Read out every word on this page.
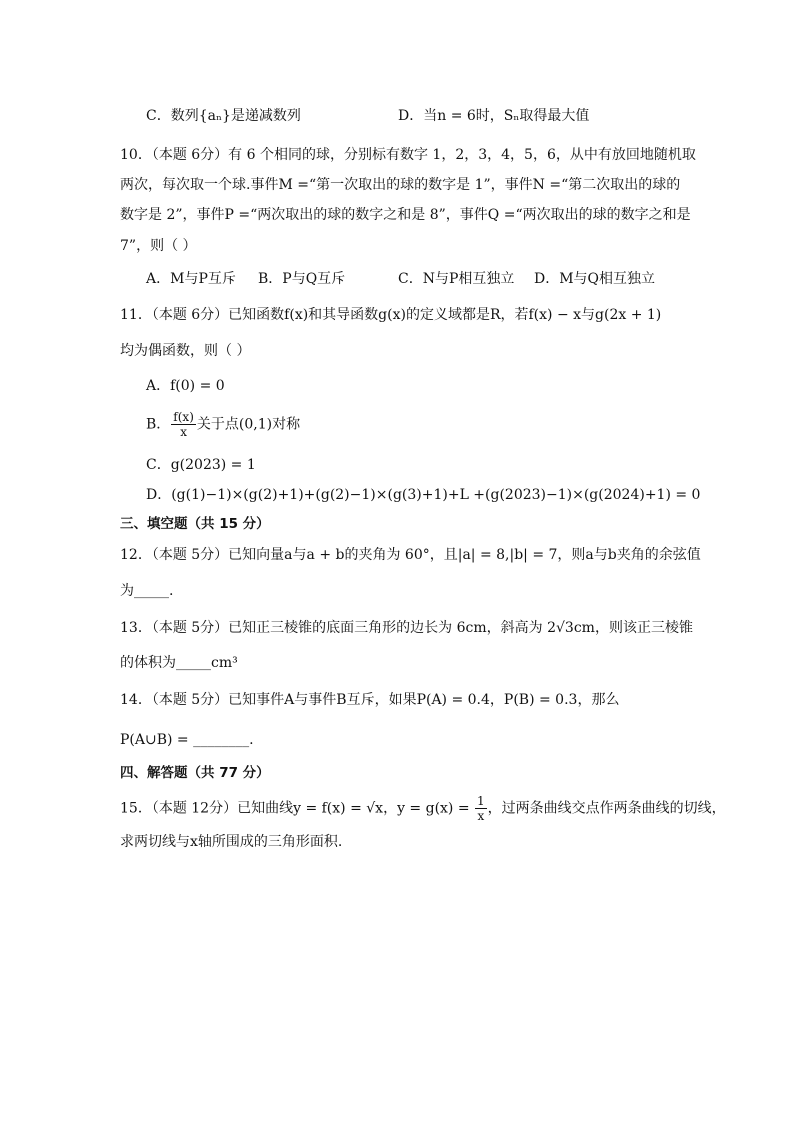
C．数列{aₙ}是递减数列	D．当n = 6时，Sₙ取得最大值
10．（本题 6分）有 6 个相同的球，分别标有数字 1，2，3，4，5，6，从中有放回地随机取
两次，每次取一个球.事件M =“第一次取出的球的数字是 1”，事件N =“第二次取出的球的
数字是 2”，事件P =“两次取出的球的数字之和是 8”，事件Q =“两次取出的球的数字之和是
7”，则（ ）
A．M与P互斥 B．P与Q互斥	C．N与P相互独立 D．M与Q相互独立
11．（本题 6分）已知函数f(x)和其导函数g(x)的定义域都是R，若f(x) − x与g(2x + 1)
均为偶函数，则（ ）
A．f(0) = 0
B． $\frac{f(x)}{x}$ 关于点(0,1)对称
C．g(2023) = 1
D．(g(1)−1)×(g(2)+1)+(g(2)−1)×(g(3)+1)+L +(g(2023)−1)×(g(2024)+1) = 0
三、填空题（共 15 分）
12．（本题 5分）已知向量a与a + b的夹角为 60°，且|a| = 8,|b| = 7，则a与b夹角的余弦值
为_____.
13．（本题 5分）已知正三棱锥的底面三角形的边长为 6cm，斜高为 2√3cm，则该正三棱锥
的体积为_____cm³
14．（本题 5分）已知事件A与事件B互斥，如果P(A) = 0.4，P(B) = 0.3，那么
P(A∪B) = ________.
四、解答题（共 77 分）
15．（本题 12分）已知曲线y = f(x) = √x，$y = g(x) = \frac{1}{x}$ ，过两条曲线交点作两条曲线的切线，
求两切线与x轴所围成的三角形面积.
